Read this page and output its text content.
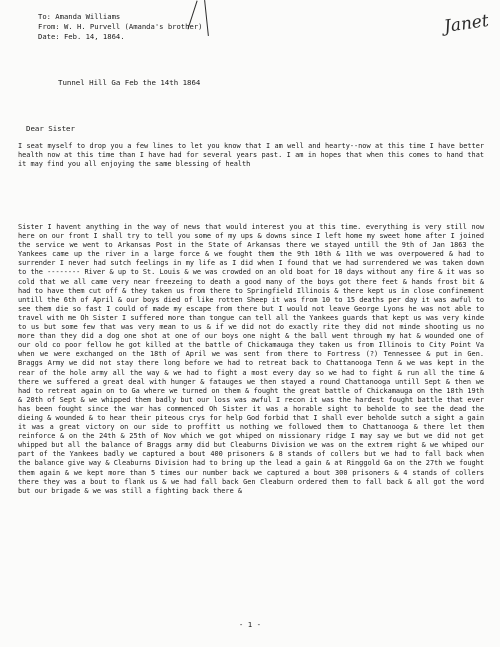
To: Amanda Williams
From: W. H. Purvell (Amanda's brother)
Date: Feb. 14, 1864.	Janet
Tunnel Hill Ga Feb the 14th 1864
Dear Sister
I seat myself to drop you a few lines to let you know that I am well and hearty--now at this time I have better health now at this time than I have had for several years past. I am in hopes that when this comes to hand that it may find you all enjoying the same blessing of health
Sister I havent anything in the way of news that would interest you at this time. everything is very still now here on our front I shall try to tell you some of my ups & downs since I left home my sweet home after I joined the service we went to Arkansas Post in the State of Arkansas there we stayed untill the 9th of Jan 1863 the Yankees came up the river in a large force & we fought them the 9th 10th & 11th we was overpowered & had to surrender I never had sutch feelings in my life as I did when I found that we had surrendered we was taken down to the -------- River & up to St. Louis & we was crowded on an old boat for 10 days without any fire & it was so cold that we all came very near freezeing to death a good many of the boys got there feet & hands frost bit & had to have them cut off & they taken us from there to Springfield Illinois & there kept us in close confinement untill the 6th of April & our boys died of like rotten Sheep it was from 10 to 15 deaths per day it was awful to see them die so fast I could of made my escape from there but I would not leave George Lyons he was not able to travel with me Oh Sister I suffered more than tongue can tell all the Yankees guards that kept us was very kinde to us but some few that was very mean to us & if we did not do exactly rite they did not minde shooting us no more than they did a dog one shot at one of our boys one night & the ball went through my hat & wounded one of our old co poor fellow he got killed at the battle of Chickamauga they taken us from Illinois to City Point Va when we were exchanged on the 18th of April we was sent from there to Fortress (?) Tennessee & put in Gen. Braggs Army we did not stay there long before we had to retreat back to Chattanooga Tenn & we was kept in the rear of the hole army all the way & we had to fight a most every day so we had to fight & run all the time & there we suffered a great deal with hunger & fatauges we then stayed a round Chattanooga untill Sept & then we had to retreat again on to Ga where we turned on them & fought the great battle of Chickamauga on the 18th 19th & 20th of Sept & we whipped them badly but our loss was awful I recon it was the hardest fought battle that ever has been fought since the war has commenced Oh Sister it was a horable sight to beholde to see the dead the dieing & wounded & to hear their piteous crys for help God forbid that I shall ever beholde sutch a sight a gain it was a great victory on our side to proffitt us nothing we followed them to Chattanooga & there let them reinforce & on the 24th & 25th of Nov which we got whiped on missionary ridge I may say we but we did not get whipped but all the balance of Braggs army did but Cleaburns Division we was on the extrem right & we whiped our part of the Yankees badly we captured a bout 400 prisoners & 8 stands of collers but we had to fall back when the balance give way & Cleaburns Division had to bring up the lead a gain & at Ringgold Ga on the 27th we fought them again & we kept more than 5 times our number back we captured a bout 300 prisoners & 4 stands of collers there they was a bout to flank us & we had fall back Gen Cleaburn ordered them to fall back & all got the word but our brigade & we was still a fighting back there &
- 1 -
